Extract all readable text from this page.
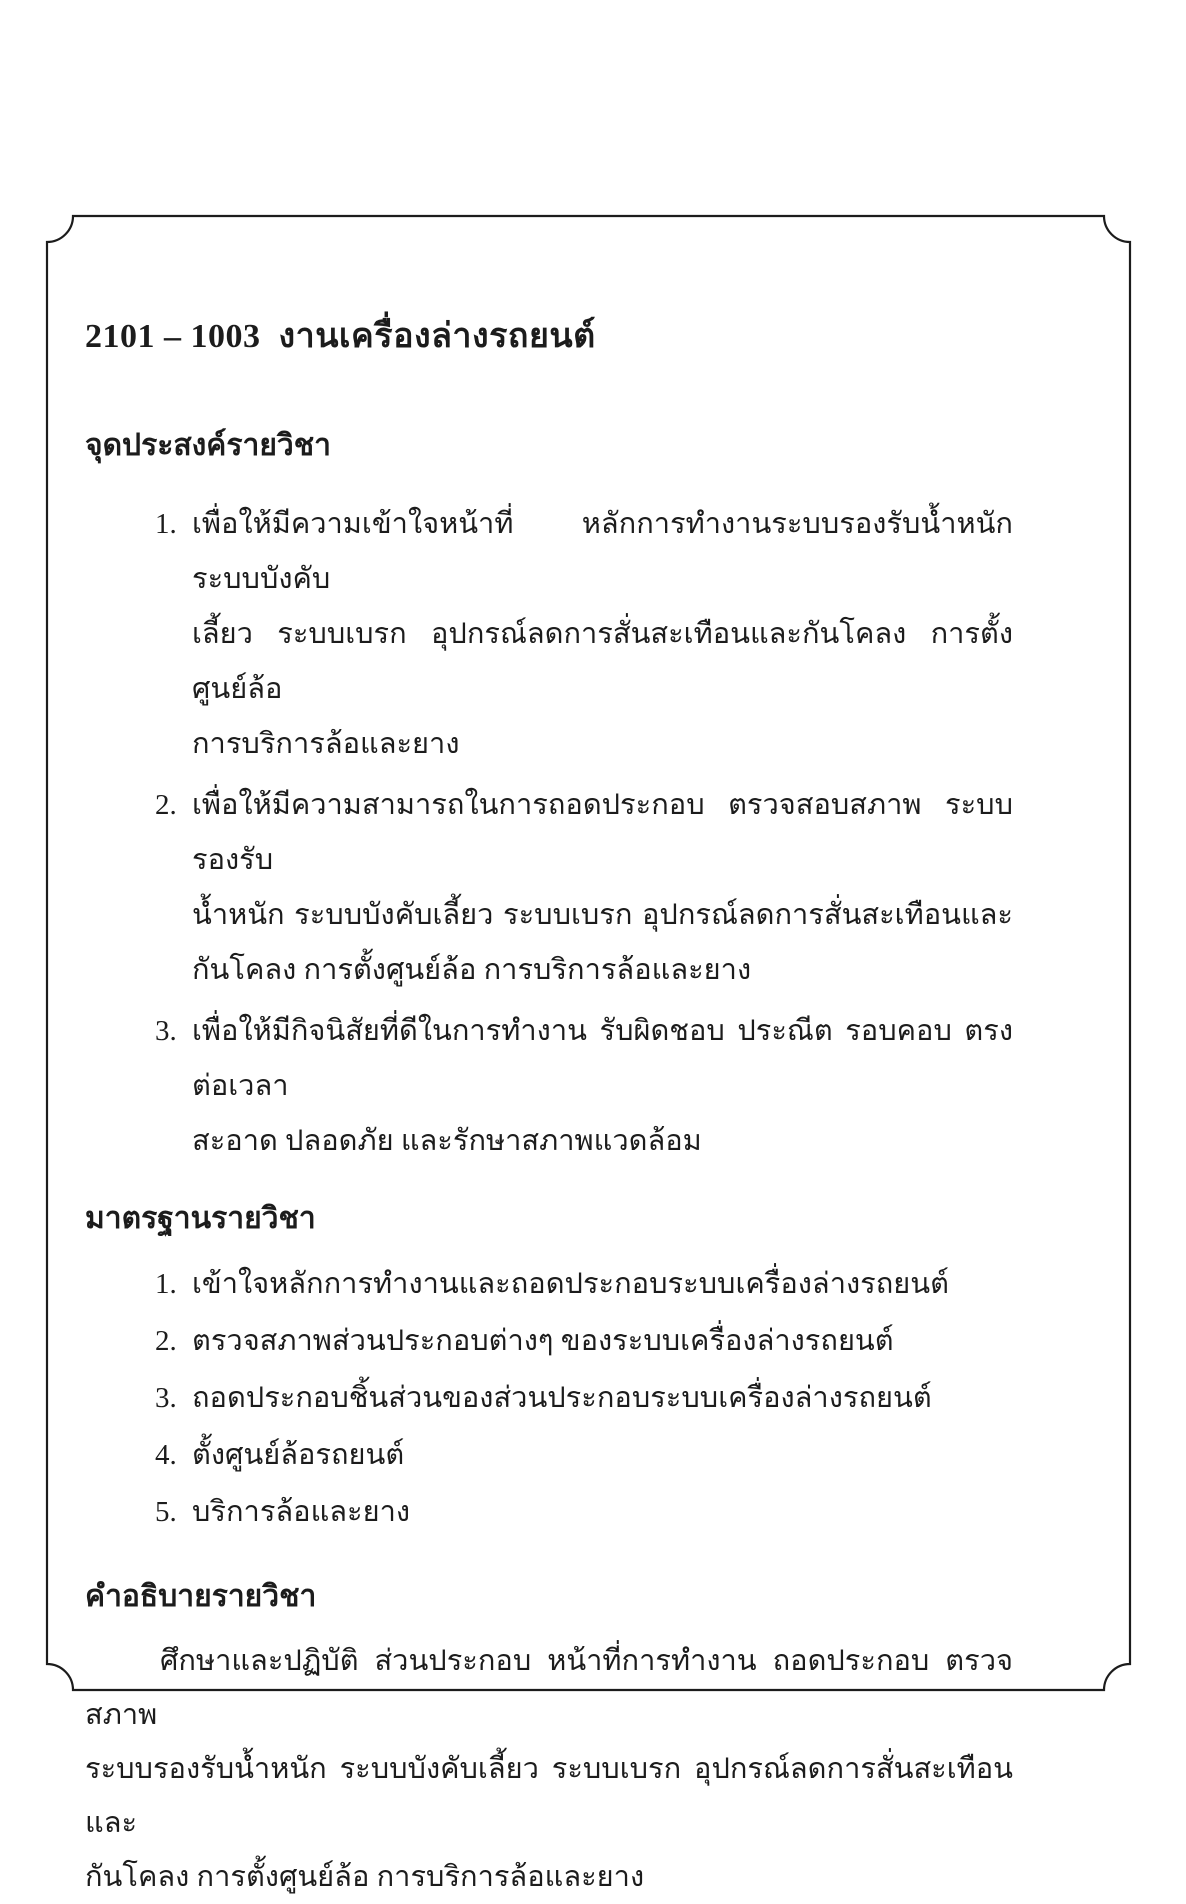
2101 – 1003  งานเครื่องล่างรถยนต์
จุดประสงค์รายวิชา
1. เพื่อให้มีความเข้าใจหน้าที่ หลักการทำงานระบบรองรับน้ำหนัก ระบบบังคับ
เลี้ยว ระบบเบรก อุปกรณ์ลดการสั่นสะเทือนและกันโคลง การตั้งศูนย์ล้อ
การบริการล้อและยาง
2. เพื่อให้มีความสามารถในการถอดประกอบ ตรวจสอบสภาพ ระบบรองรับ
น้ำหนัก ระบบบังคับเลี้ยว ระบบเบรก อุปกรณ์ลดการสั่นสะเทือนและ
กันโคลง การตั้งศูนย์ล้อ การบริการล้อและยาง
3. เพื่อให้มีกิจนิสัยที่ดีในการทำงาน รับผิดชอบ ประณีต รอบคอบ ตรงต่อเวลา
สะอาด ปลอดภัย และรักษาสภาพแวดล้อม
มาตรฐานรายวิชา
1. เข้าใจหลักการทำงานและถอดประกอบระบบเครื่องล่างรถยนต์
2. ตรวจสภาพส่วนประกอบต่างๆ ของระบบเครื่องล่างรถยนต์
3. ถอดประกอบชิ้นส่วนของส่วนประกอบระบบเครื่องล่างรถยนต์
4. ตั้งศูนย์ล้อรถยนต์
5. บริการล้อและยาง
คำอธิบายรายวิชา
ศึกษาและปฏิบัติ ส่วนประกอบ หน้าที่การทำงาน ถอดประกอบ ตรวจสภาพ
ระบบรองรับน้ำหนัก ระบบบังคับเลี้ยว ระบบเบรก อุปกรณ์ลดการสั่นสะเทือนและ
กันโคลง การตั้งศูนย์ล้อ การบริการล้อและยาง
